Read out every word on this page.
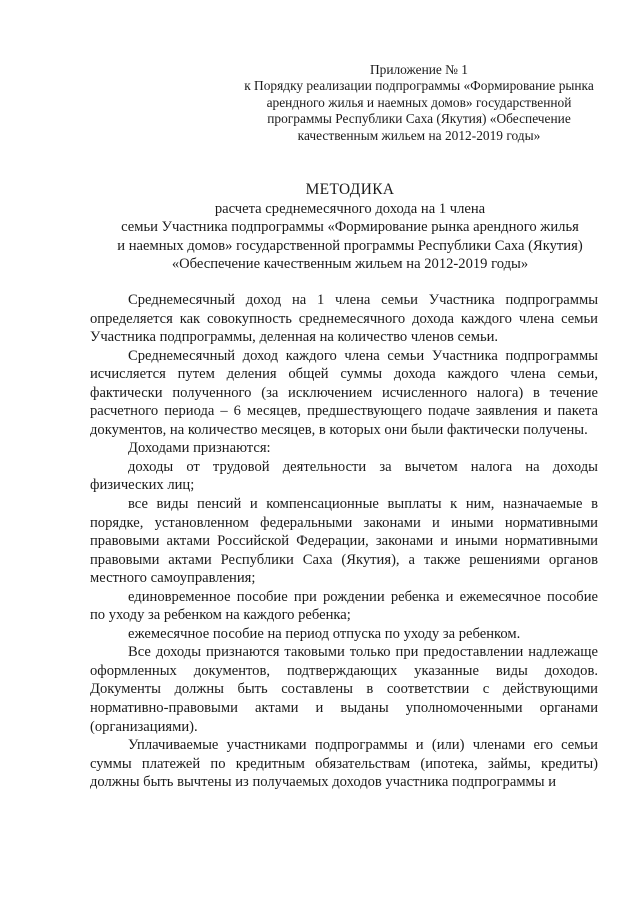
Приложение № 1
к Порядку реализации подпрограммы «Формирование рынка
арендного жилья и наемных домов» государственной
программы Республики Саха (Якутия) «Обеспечение
качественным жильем на 2012-2019 годы»
МЕТОДИКА
расчета среднемесячного дохода на 1 члена
семьи Участника подпрограммы «Формирование рынка арендного жилья
и наемных домов» государственной программы Республики Саха (Якутия)
«Обеспечение качественным жильем на 2012-2019 годы»

Среднемесячный доход на 1 члена семьи Участника подпрограммы определяется как совокупность среднемесячного дохода каждого члена семьи Участника подпрограммы, деленная на количество членов семьи.

Среднемесячный доход каждого члена семьи Участника подпрограммы исчисляется путем деления общей суммы дохода каждого члена семьи, фактически полученного (за исключением исчисленного налога) в течение расчетного периода – 6 месяцев, предшествующего подаче заявления и пакета документов, на количество месяцев, в которых они были фактически получены.

Доходами признаются:

доходы от трудовой деятельности за вычетом налога на доходы физических лиц;

все виды пенсий и компенсационные выплаты к ним, назначаемые в порядке, установленном федеральными законами и иными нормативными правовыми актами Российской Федерации, законами и иными нормативными правовыми актами Республики Саха (Якутия), а также решениями органов местного самоуправления;

единовременное пособие при рождении ребенка и ежемесячное пособие по уходу за ребенком на каждого ребенка;

ежемесячное пособие на период отпуска по уходу за ребенком.

Все доходы признаются таковыми только при предоставлении надлежаще оформленных документов, подтверждающих указанные виды доходов. Документы должны быть составлены в соответствии с действующими нормативно-правовыми актами и выданы уполномоченными органами (организациями).

Уплачиваемые участниками подпрограммы и (или) членами его семьи суммы платежей по кредитным обязательствам (ипотека, займы, кредиты) должны быть вычтены из получаемых доходов участника подпрограммы и
